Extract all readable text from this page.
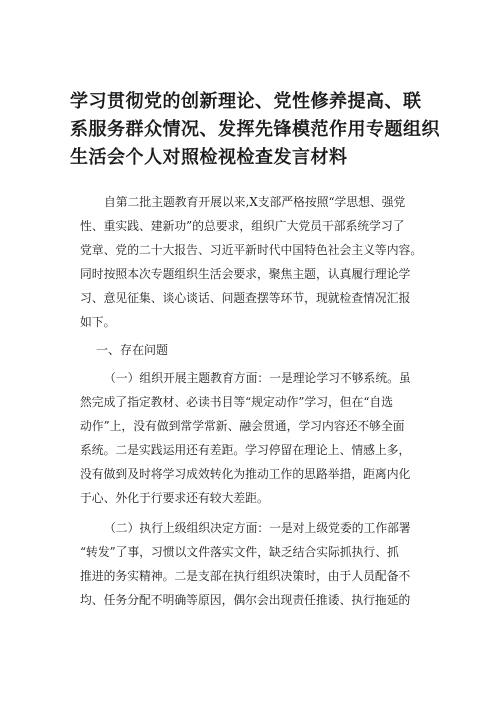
学习贯彻党的创新理论、党性修养提高、联
系服务群众情况、发挥先锋模范作用专题组织
生活会个人对照检视检查发言材料

自第二批主题教育开展以来,X支部严格按照“学思想、强党
性、重实践、建新功”的总要求，组织广大党员干部系统学习了
党章、党的二十大报告、习近平新时代中国特色社会主义等内容。
同时按照本次专题组织生活会要求，聚焦主题，认真履行理论学
习、意见征集、谈心谈话、问题查摆等环节，现就检查情况汇报
如下。

一、存在问题

（一）组织开展主题教育方面：一是理论学习不够系统。虽
然完成了指定教材、必读书目等“规定动作”学习，但在“自选
动作”上，没有做到常学常新、融会贯通，学习内容还不够全面
系统。二是实践运用还有差距。学习停留在理论上、情感上多，
没有做到及时将学习成效转化为推动工作的思路举措，距离内化
于心、外化于行要求还有较大差距。

（二）执行上级组织决定方面：一是对上级党委的工作部署
“转发”了事，习惯以文件落实文件，缺乏结合实际抓执行、抓
推进的务实精神。二是支部在执行组织决策时，由于人员配备不
均、任务分配不明确等原因，偶尔会出现责任推诿、执行拖延的
